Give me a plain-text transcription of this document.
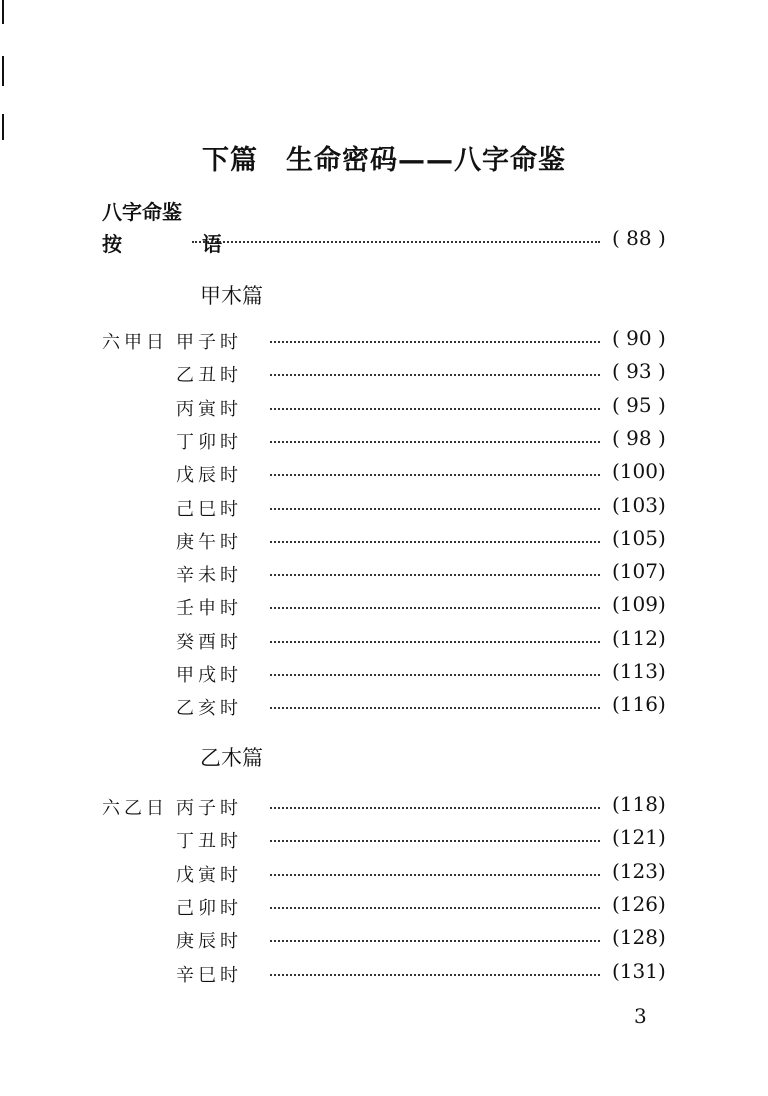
下篇 生命密码——八字命鉴
八字命鉴
按　语	( 88 )
甲木篇
六甲日 甲子时	( 90 )
乙丑时	( 93 )
丙寅时	( 95 )
丁卯时	( 98 )
戊辰时	(100)
己巳时	(103)
庚午时	(105)
辛未时	(107)
壬申时	(109)
癸酉时	(112)
甲戌时	(113)
乙亥时	(116)
乙木篇
六乙日 丙子时	(118)
丁丑时	(121)
戊寅时	(123)
己卯时	(126)
庚辰时	(128)
辛巳时	(131)
3
